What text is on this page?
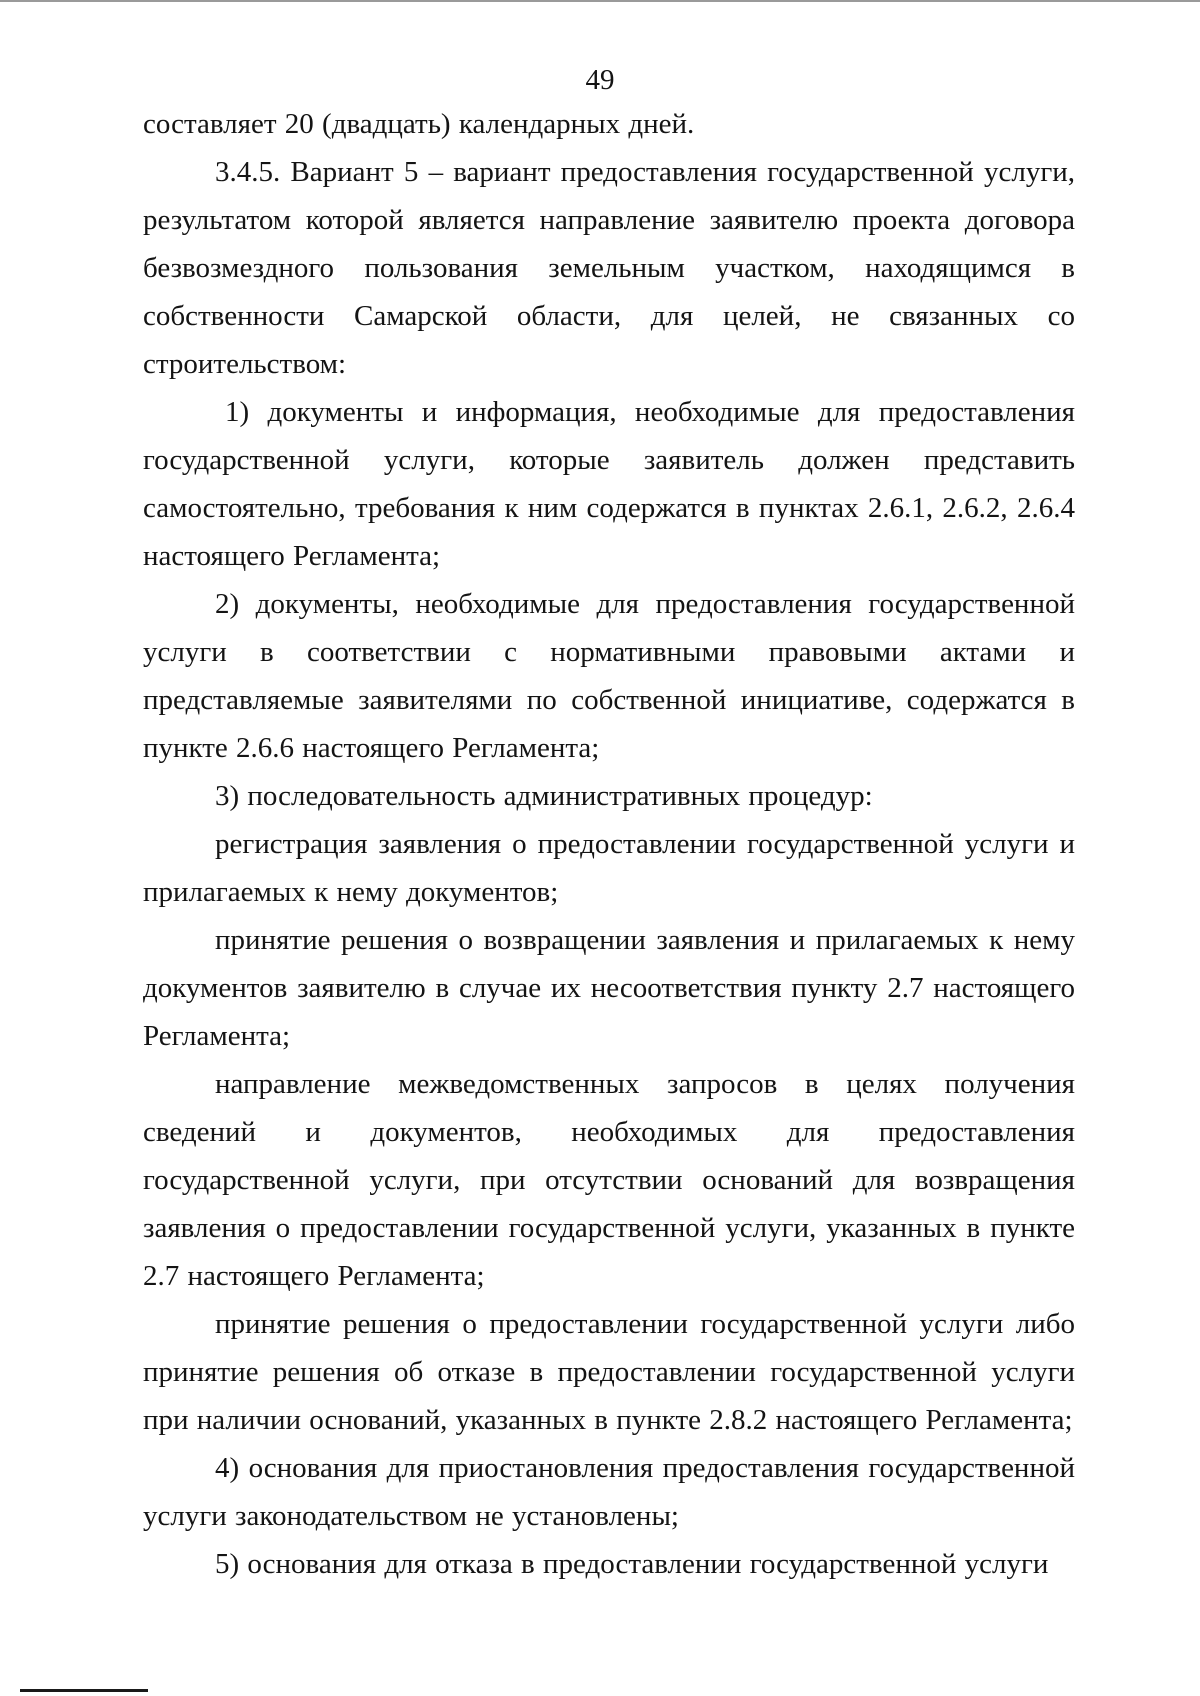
49

составляет 20 (двадцать) календарных дней.

3.4.5. Вариант 5 – вариант предоставления государственной услуги, результатом которой является направление заявителю проекта договора безвозмездного пользования земельным участком, находящимся в собственности Самарской области, для целей, не связанных со строительством:

1) документы и информация, необходимые для предоставления государственной услуги, которые заявитель должен представить самостоятельно, требования к ним содержатся в пунктах 2.6.1, 2.6.2, 2.6.4 настоящего Регламента;

2) документы, необходимые для предоставления государственной услуги в соответствии с нормативными правовыми актами и представляемые заявителями по собственной инициативе, содержатся в пункте 2.6.6 настоящего Регламента;

3) последовательность административных процедур:

регистрация заявления о предоставлении государственной услуги и прилагаемых к нему документов;

принятие решения о возвращении заявления и прилагаемых к нему документов заявителю в случае их несоответствия пункту 2.7 настоящего Регламента;

направление межведомственных запросов в целях получения сведений и документов, необходимых для предоставления государственной услуги, при отсутствии оснований для возвращения заявления о предоставлении государственной услуги, указанных в пункте 2.7 настоящего Регламента;

принятие решения о предоставлении государственной услуги либо принятие решения об отказе в предоставлении государственной услуги при наличии оснований, указанных в пункте 2.8.2 настоящего Регламента;

4) основания для приостановления предоставления государственной услуги законодательством не установлены;

5) основания для отказа в предоставлении государственной услуги
